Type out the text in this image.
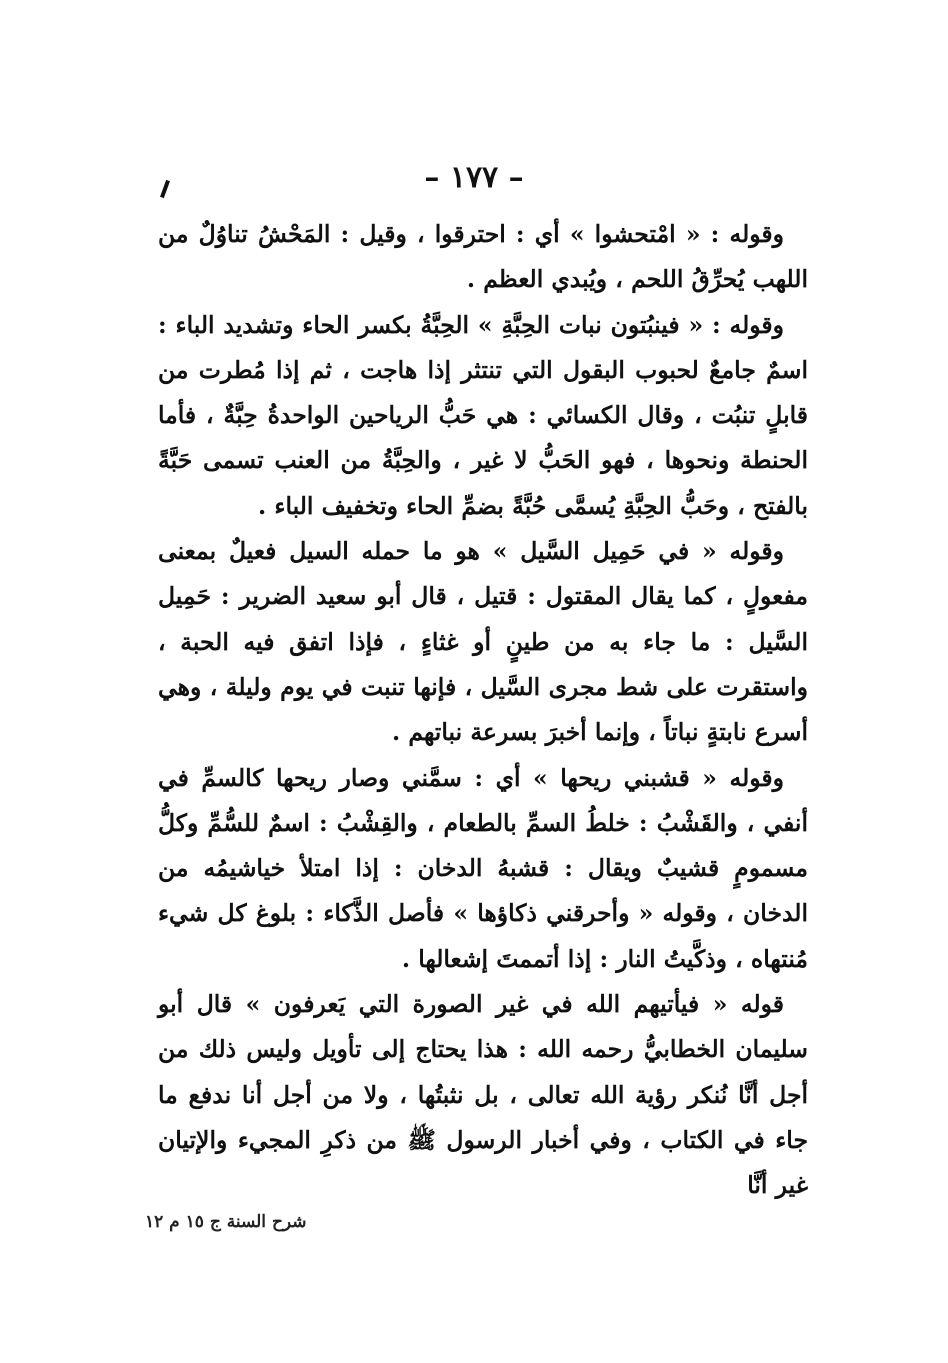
– ١٧٧ –

وقوله : « امْتحشوا » أي : احترقوا ، وقيل : المَحْشُ تناوُلٌ من اللهب يُحرِّقُ اللحم ، ويُبدي العظم .

وقوله : « فينبُتون نبات الحِبَّةِ » الحِبَّةُ بكسر الحاء وتشديد الباء : اسمٌ جامعٌ لحبوب البقول التي تنتثر إذا هاجت ، ثم إذا مُطرت من قابلٍ تنبُت ، وقال الكسائي : هي حَبُّ الرياحين الواحدةُ حِبَّةٌ ، فأما الحنطة ونحوها ، فهو الحَبُّ لا غير ، والحِبَّةُ من العنب تسمى حَبَّةً بالفتح ، وحَبُّ الحِبَّةِ يُسمَّى حُبَّةً بضمِّ الحاء وتخفيف الباء .

وقوله « في حَمِيل السَّيل » هو ما حمله السيل فعيلٌ بمعنى مفعولٍ ، كما يقال المقتول : قتيل ، قال أبو سعيد الضرير : حَمِيل السَّيل : ما جاء به من طينٍ أو غثاءٍ ، فإذا اتفق فيه الحبة ، واستقرت على شط مجرى السَّيل ، فإنها تنبت في يوم وليلة ، وهي أسرع نابتةٍ نباتاً ، وإنما أخبرَ بسرعة نباتهم .

وقوله « قشبني ريحها » أي : سمَّني وصار ريحها كالسمِّ في أنفي ، والقَشْبُ : خلطُ السمِّ بالطعام ، والقِشْبُ : اسمٌ للسُّمِّ وكلُّ مسمومٍ قشيبٌ ويقال : قشبهُ الدخان : إذا امتلأ خياشيمُه من الدخان ، وقوله « وأحرقني ذكاؤها » فأصل الذَّكاء : بلوغ كل شيء مُنتهاه ، وذكَّيتُ النار : إذا أتممتَ إشعالها .

قوله « فيأتيهم الله في غير الصورة التي يَعرفون » قال أبو سليمان الخطابيُّ رحمه الله : هذا يحتاج إلى تأويل وليس ذلك من أجل أنَّا نُنكر رؤية الله تعالى ، بل نثبتُها ، ولا من أجل أنا ندفع ما جاء في الكتاب ، وفي أخبار الرسول ﷺ من ذكرِ المجيء والإتيان غير أنَّا

شرح السنة ج ١٥ م ١٢
